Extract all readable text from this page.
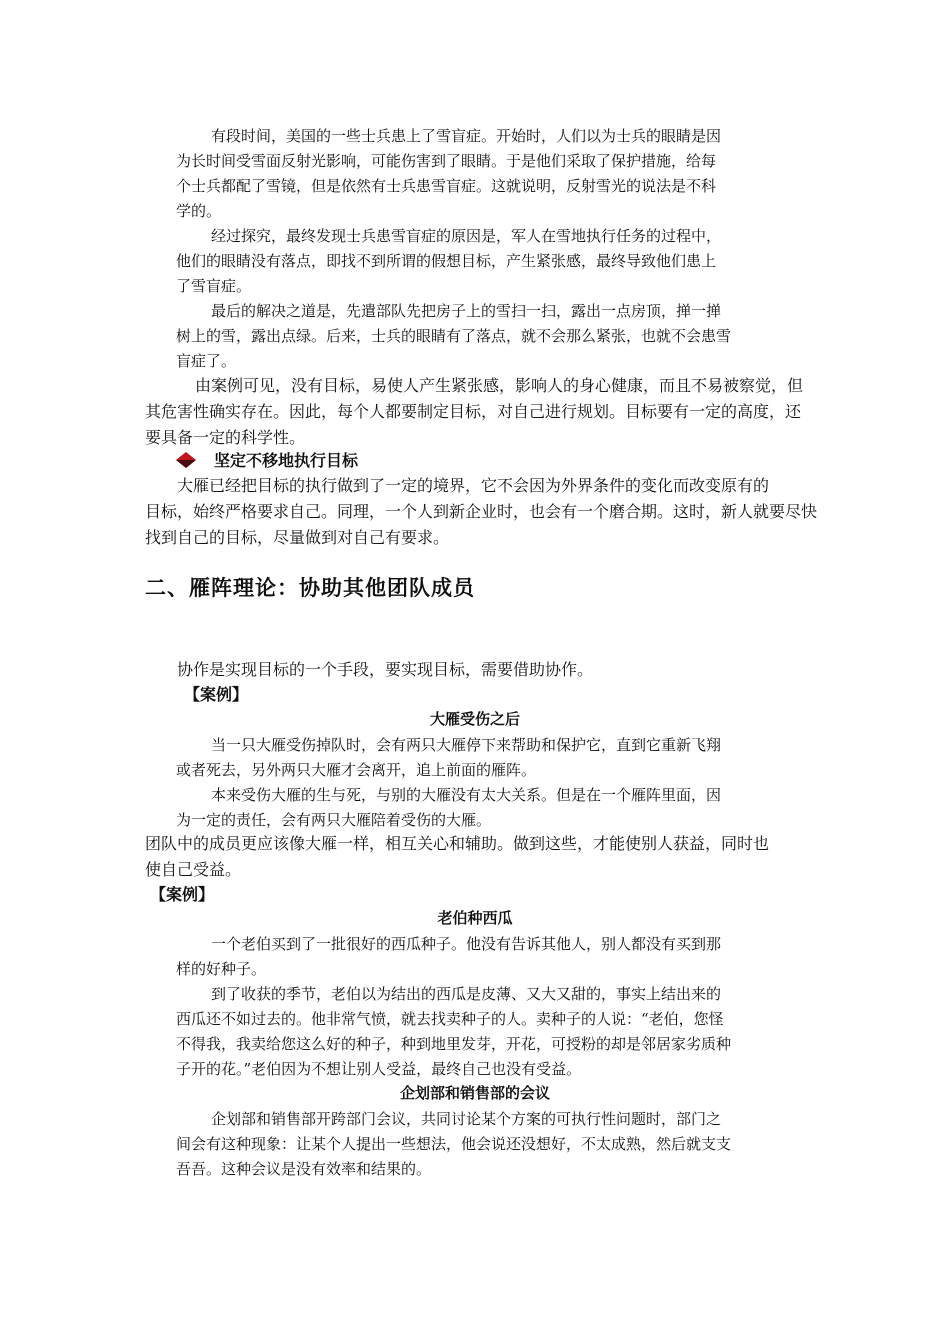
有段时间，美国的一些士兵患上了雪盲症。开始时，人们以为士兵的眼睛是因
为长时间受雪面反射光影响，可能伤害到了眼睛。于是他们采取了保护措施，给每
个士兵都配了雪镜，但是依然有士兵患雪盲症。这就说明，反射雪光的说法是不科
学的。
经过探究，最终发现士兵患雪盲症的原因是，军人在雪地执行任务的过程中，
他们的眼睛没有落点，即找不到所谓的假想目标，产生紧张感，最终导致他们患上
了雪盲症。
最后的解决之道是，先遣部队先把房子上的雪扫一扫，露出一点房顶，掸一掸
树上的雪，露出点绿。后来，士兵的眼睛有了落点，就不会那么紧张，也就不会患雪
盲症了。
由案例可见，没有目标，易使人产生紧张感，影响人的身心健康，而且不易被察觉，但
其危害性确实存在。因此，每个人都要制定目标，对自己进行规划。目标要有一定的高度，还
要具备一定的科学性。
坚定不移地执行目标
大雁已经把目标的执行做到了一定的境界，它不会因为外界条件的变化而改变原有的
目标，始终严格要求自己。同理，一个人到新企业时，也会有一个磨合期。这时，新人就要尽快
找到自己的目标，尽量做到对自己有要求。
二、雁阵理论：协助其他团队成员
协作是实现目标的一个手段，要实现目标，需要借助协作。
【案例】
大雁受伤之后
当一只大雁受伤掉队时，会有两只大雁停下来帮助和保护它，直到它重新飞翔
或者死去，另外两只大雁才会离开，追上前面的雁阵。
本来受伤大雁的生与死，与别的大雁没有太大关系。但是在一个雁阵里面，因
为一定的责任，会有两只大雁陪着受伤的大雁。
团队中的成员更应该像大雁一样，相互关心和辅助。做到这些，才能使别人获益，同时也
使自己受益。
【案例】
老伯种西瓜
一个老伯买到了一批很好的西瓜种子。他没有告诉其他人，别人都没有买到那
样的好种子。
到了收获的季节，老伯以为结出的西瓜是皮薄、又大又甜的，事实上结出来的
西瓜还不如过去的。他非常气愤，就去找卖种子的人。卖种子的人说：“老伯，您怪
不得我，我卖给您这么好的种子，种到地里发芽，开花，可授粉的却是邻居家劣质种
子开的花。”老伯因为不想让别人受益，最终自己也没有受益。
企划部和销售部的会议
企划部和销售部开跨部门会议，共同讨论某个方案的可执行性问题时，部门之
间会有这种现象：让某个人提出一些想法，他会说还没想好，不太成熟，然后就支支
吾吾。这种会议是没有效率和结果的。
